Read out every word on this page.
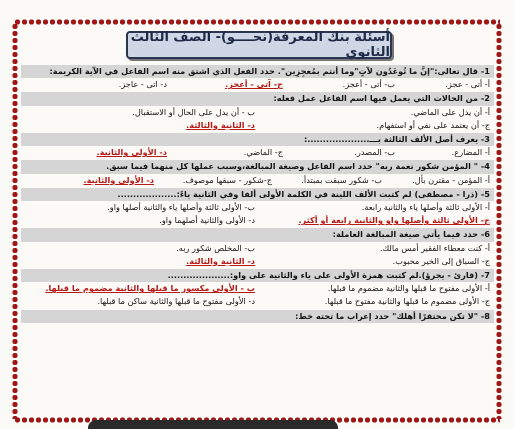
أسئلة بنك المعرفة(نحــــو)- الصف الثالث الثانوي
1- قال تعالى:"إنَّ ما تُوعَدُون لآتٍ"وما أنتم بمُعجِزِين". حدد الفعل الذي اشتق منه اسم الفاعل في الآية الكريمة:
أ- أتى - عجز.
ب- أتى - أعجز.
ج- آتى - أعجز.
د- اتى - عاجز.
2- من الحالات التي يعمل فيها اسم الفاعل عمل فعله:
أ- أن يدل على الماضي.
ب - أن يدل على الحال أو الاستقبال.
ج- أن يعتمد على نفي أو استفهام.
د- الثانية والثالثة.
3- يعرف أصل الألف الثالثة بـــ....................:
أ- المضارع.
ب- المصدر.
ج- الماضي.
د- الأولى والثانية.
4- " المؤمن شكور نعمة ربه" حدد اسم الفاعل وصيغة المبالغة،وسبب عملها كل منهما فيما سبق.
أ- المؤمن - مقترن بأل.
ب- شكور سبقت بمبتدأ.
ج-شكور - سبقها موصوف.
د- الأولى والثانية.
5- (ذرا - مصطفى) لم كتبت الألف اللينة في الكلمة الأولى ألفا وفي الثانية ياءً:...................
أ- الأولى ثالثة وأصلها ياء والثانية رابعة.
ب- الأولى ثالثة وأصلها ياء والثانية أصلها واو.
ج- الأولى ثالثة وأصلها واو والثانية رابعة أو أكثر.
د- الأولى والثانية أصلهما واو.
6- حدد فيما يأتي صيغة المبالغة العاملة:
أ- كنت معطاء الفقير أمس مالك.
ب- المخلص شكور ربه.
ج- السباق إلى الخير محبوب.
د- الثانية والثالثة.
7- (قارئ - يجرؤ).لم كتبت همزة الأولى على ياء والثانية على واو:....................
أ- الأولى مفتوح ما قبلها والثانية مضموم ما قبلها.
ب - الأولى مكسور ما قبلها والثانية مضموم ما قبلها.
ج- الأولى مضموم ما قبلها والثانية مفتوح ما قبلها.
د- الأولى مفتوح ما قبلها والثانية ساكن ما قبلها.
8- "لا تكن محتقرًا أهلك" حدد إعراب ما تحته خط:
